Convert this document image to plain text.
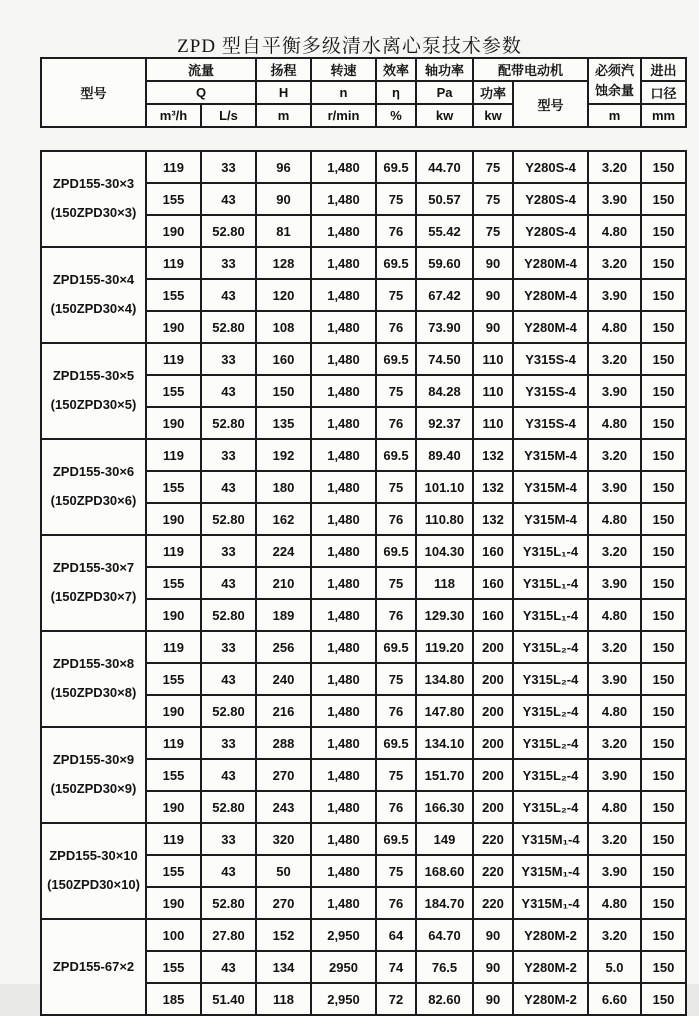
ZPD 型自平衡多级清水离心泵技术参数
型号	流量		扬程	转速	效率	轴功率	配带电动机		必须汽蚀余量	进出
	Q		H	n	η	Pa	功率	型号		口径
	m³/h	L/s	m	r/min	%	kw	kw		m	mm
ZPD155-30×3
(150ZPD30×3)	119	33	96	1,480	69.5	44.70	75	Y280S-4	3.20	150
	155	43	90	1,480	75	50.57	75	Y280S-4	3.90	150
	190	52.80	81	1,480	76	55.42	75	Y280S-4	4.80	150

ZPD155-30×4
(150ZPD30×4)	119	33	128	1,480	69.5	59.60	90	Y280M-4	3.20	150
	155	43	120	1,480	75	67.42	90	Y280M-4	3.90	150
	190	52.80	108	1,480	76	73.90	90	Y280M-4	4.80	150

ZPD155-30×5
(150ZPD30×5)	119	33	160	1,480	69.5	74.50	110	Y315S-4	3.20	150
	155	43	150	1,480	75	84.28	110	Y315S-4	3.90	150
	190	52.80	135	1,480	76	92.37	110	Y315S-4	4.80	150

ZPD155-30×6
(150ZPD30×6)	119	33	192	1,480	69.5	89.40	132	Y315M-4	3.20	150
	155	43	180	1,480	75	101.10	132	Y315M-4	3.90	150
	190	52.80	162	1,480	76	110.80	132	Y315M-4	4.80	150

ZPD155-30×7
(150ZPD30×7)	119	33	224	1,480	69.5	104.30	160	Y315L₁-4	3.20	150
	155	43	210	1,480	75	118	160	Y315L₁-4	3.90	150
	190	52.80	189	1,480	76	129.30	160	Y315L₁-4	4.80	150

ZPD155-30×8
(150ZPD30×8)	119	33	256	1,480	69.5	119.20	200	Y315L₂-4	3.20	150
	155	43	240	1,480	75	134.80	200	Y315L₂-4	3.90	150
	190	52.80	216	1,480	76	147.80	200	Y315L₂-4	4.80	150

ZPD155-30×9
(150ZPD30×9)	119	33	288	1,480	69.5	134.10	200	Y315L₂-4	3.20	150
	155	43	270	1,480	75	151.70	200	Y315L₂-4	3.90	150
	190	52.80	243	1,480	76	166.30	200	Y315L₂-4	4.80	150

ZPD155-30×10
(150ZPD30×10)	119	33	320	1,480	69.5	149	220	Y315M₁-4	3.20	150
	155	43	50	1,480	75	168.60	220	Y315M₁-4	3.90	150
	190	52.80	270	1,480	76	184.70	220	Y315M₁-4	4.80	150

ZPD155-67×2	100	27.80	152	2,950	64	64.70	90	Y280M-2	3.20	150
	155	43	134	2950	74	76.5	90	Y280M-2	5.0	150
	185	51.40	118	2,950	72	82.60	90	Y280M-2	6.60	150
